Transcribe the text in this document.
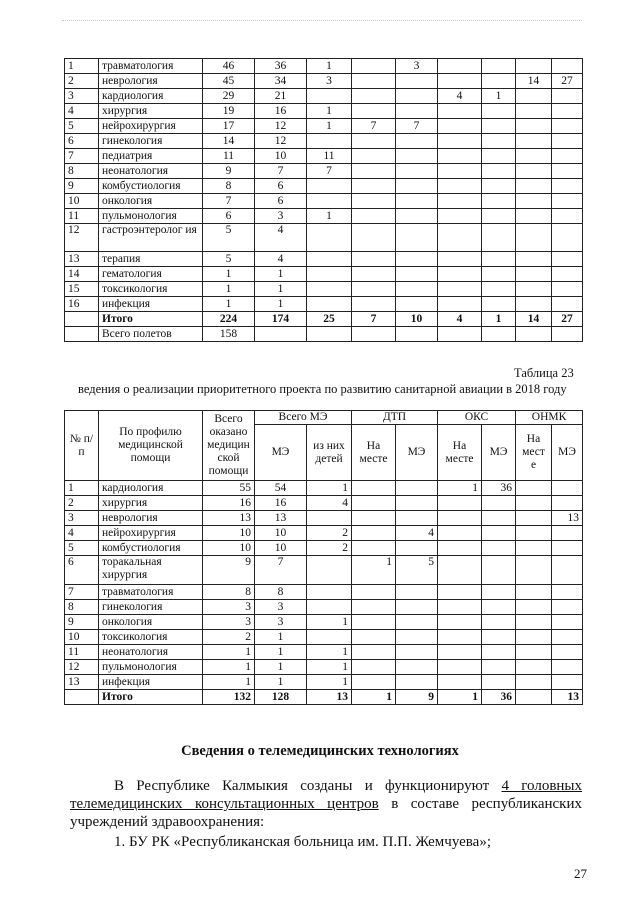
1	травматология	46	36	1		3				
2	неврология	45	34	3					14	27
3	кардиология	29	21				4	1		
4	хирургия	19	16	1						
5	нейрохирургия	17	12	1	7	7				
6	гинекология	14	12							
7	педиатрия	11	10	11						
8	неонатология	9	7	7						
9	комбустиология	8	6							
10	онкология	7	6							
11	пульмонология	6	3	1						
12	гастроэнтеролог ия	5	4							
13	терапия	5	4							
14	гематология	1	1							
15	токсикология	1	1							
16	инфекция	1	1							
	Итого	224	174	25	7	10	4	1	14	27
	Всего полетов	158								
Таблица 23
ведения о реализации приоритетного проекта по развитию санитарной авиации в 2018 году
№ п/п	По профилю медицинской помощи	Всего оказано медицин ской помощи	Всего МЭ		ДТП		ОКС		ОНМК	
			МЭ	из них детей	На месте	МЭ	На месте	МЭ	На мест е	МЭ
1	кардиология	55	54	1			1	36		
2	хирургия	16	16	4						
3	неврология	13	13							13
4	нейрохирургия	10	10	2		4				
5	комбустиология	10	10	2						
6	торакальная хирургия	9	7		1	5				
7	травматология	8	8							
8	гинекология	3	3							
9	онкология	3	3	1						
10	токсикология	2	1							
11	неонатология	1	1	1						
12	пульмонология	1	1	1						
13	инфекция	1	1	1						
	Итого	132	128	13	1	9	1	36		13
Сведения о телемедицинских технологиях
В Республике Калмыкия созданы и функционируют 4 головных телемедицинских консультационных центров в составе республиканских учреждений здравоохранения:
1. БУ РК «Республиканская больница им. П.П. Жемчуева»;
27
